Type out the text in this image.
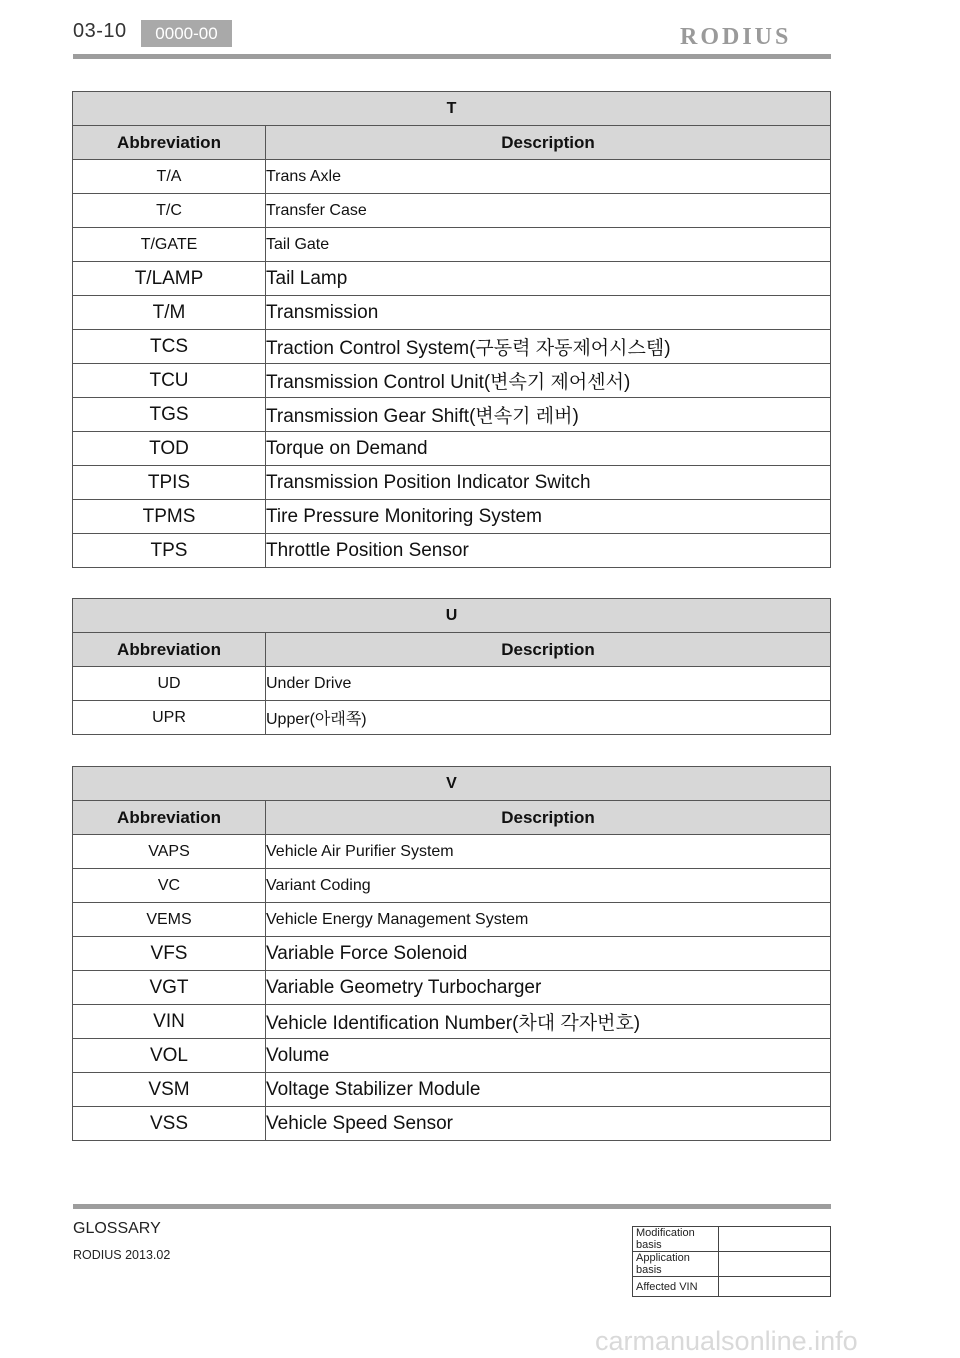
03-10	0000-00	RODIUS
T	
Abbreviation	Description
T/A	Trans Axle
T/C	Transfer Case
T/GATE	Tail Gate
T/LAMP	Tail Lamp
T/M	Transmission
TCS	Traction Control System(구동력 자동제어시스템)
TCU	Transmission Control Unit(변속기 제어센서)
TGS	Transmission Gear Shift(변속기 레버)
TOD	Torque on Demand
TPIS	Transmission Position Indicator Switch
TPMS	Tire Pressure Monitoring System
TPS	Throttle Position Sensor
U	
Abbreviation	Description
UD	Under Drive
UPR	Upper(아래쪽)
V	
Abbreviation	Description
VAPS	Vehicle Air Purifier System
VC	Variant Coding
VEMS	Vehicle Energy Management System
VFS	Variable Force Solenoid
VGT	Variable Geometry Turbocharger
VIN	Vehicle Identification Number(차대 각자번호)
VOL	Volume
VSM	Voltage Stabilizer Module
VSS	Vehicle Speed Sensor
GLOSSARY
RODIUS 2013.02
Modification basis	
Application basis	
Affected VIN	
carmanualsonline.info
